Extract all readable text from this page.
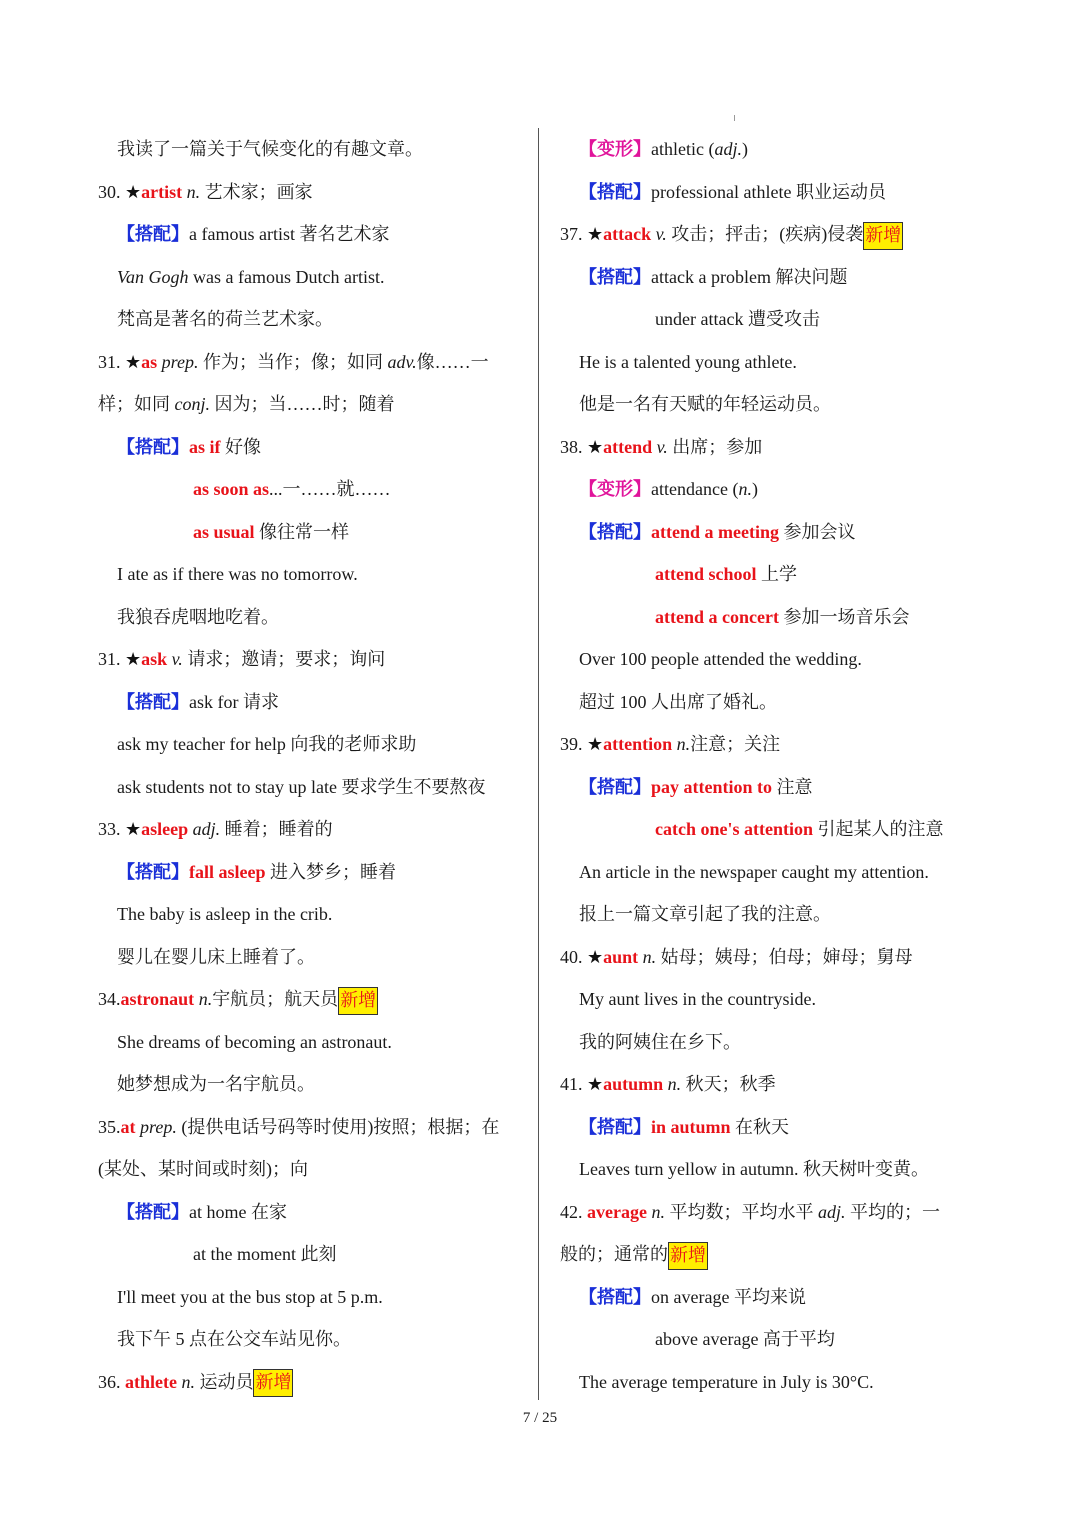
我读了一篇关于气候变化的有趣文章。
30. ★artist n. 艺术家；画家
【搭配】a famous artist 著名艺术家
Van Gogh was a famous Dutch artist.
梵高是著名的荷兰艺术家。
31. ★as prep. 作为；当作；像；如同 adv.像……一
样；如同 conj. 因为；当……时；随着
【搭配】as if 好像
as soon as...一……就……
as usual 像往常一样
I ate as if there was no tomorrow.
我狼吞虎咽地吃着。
31. ★ask v. 请求；邀请；要求；询问
【搭配】ask for 请求
ask my teacher for help 向我的老师求助
ask students not to stay up late 要求学生不要熬夜
33. ★asleep adj. 睡着；睡着的
【搭配】fall asleep 进入梦乡；睡着
The baby is asleep in the crib.
婴儿在婴儿床上睡着了。
34.astronaut n.宇航员；航天员 新增
She dreams of becoming an astronaut.
她梦想成为一名宇航员。
35.at prep. (提供电话号码等时使用)按照；根据；在
(某处、某时间或时刻)；向
【搭配】at home 在家
at the moment 此刻
I'll meet you at the bus stop at 5 p.m.
我下午 5 点在公交车站见你。
36. athlete n. 运动员 新增
【变形】athletic (adj.)
【搭配】professional athlete 职业运动员
37. ★attack v. 攻击；抨击；(疾病)侵袭 新增
【搭配】attack a problem 解决问题
under attack 遭受攻击
He is a talented young athlete.
他是一名有天赋的年轻运动员。
38. ★attend v. 出席；参加
【变形】attendance (n.)
【搭配】attend a meeting 参加会议
attend school 上学
attend a concert 参加一场音乐会
Over 100 people attended the wedding.
超过 100 人出席了婚礼。
39. ★attention n.注意；关注
【搭配】pay attention to 注意
catch one's attention 引起某人的注意
An article in the newspaper caught my attention.
报上一篇文章引起了我的注意。
40. ★aunt n. 姑母；姨母；伯母；婶母；舅母
My aunt lives in the countryside.
我的阿姨住在乡下。
41. ★autumn n. 秋天；秋季
【搭配】in autumn 在秋天
Leaves turn yellow in autumn. 秋天树叶变黄。
42. average n. 平均数；平均水平 adj. 平均的；一
般的；通常的 新增
【搭配】on average 平均来说
above average 高于平均
The average temperature in July is 30°C.
7 / 25
